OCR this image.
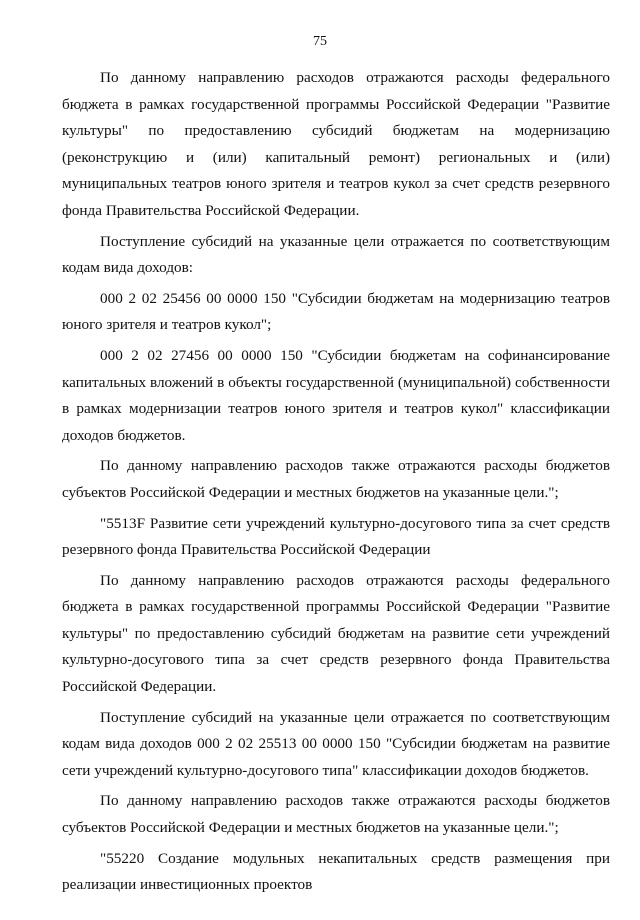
75

По данному направлению расходов отражаются расходы федерального бюджета в рамках государственной программы Российской Федерации "Развитие культуры" по предоставлению субсидий бюджетам на модернизацию (реконструкцию и (или) капитальный ремонт) региональных и (или) муниципальных театров юного зрителя и театров кукол за счет средств резервного фонда Правительства Российской Федерации.

Поступление субсидий на указанные цели отражается по соответствующим кодам вида доходов:

000 2 02 25456 00 0000 150 "Субсидии бюджетам на модернизацию театров юного зрителя и театров кукол";

000 2 02 27456 00 0000 150 "Субсидии бюджетам на софинансирование капитальных вложений в объекты государственной (муниципальной) собственности в рамках модернизации театров юного зрителя и театров кукол" классификации доходов бюджетов.

По данному направлению расходов также отражаются расходы бюджетов субъектов Российской Федерации и местных бюджетов на указанные цели.";

"5513F Развитие сети учреждений культурно-досугового типа за счет средств резервного фонда Правительства Российской Федерации

По данному направлению расходов отражаются расходы федерального бюджета в рамках государственной программы Российской Федерации "Развитие культуры" по предоставлению субсидий бюджетам на развитие сети учреждений культурно-досугового типа за счет средств резервного фонда Правительства Российской Федерации.

Поступление субсидий на указанные цели отражается по соответствующим кодам вида доходов 000 2 02 25513 00 0000 150 "Субсидии бюджетам на развитие сети учреждений культурно-досугового типа" классификации доходов бюджетов.

По данному направлению расходов также отражаются расходы бюджетов субъектов Российской Федерации и местных бюджетов на указанные цели.";

"55220 Создание модульных некапитальных средств размещения при реализации инвестиционных проектов
